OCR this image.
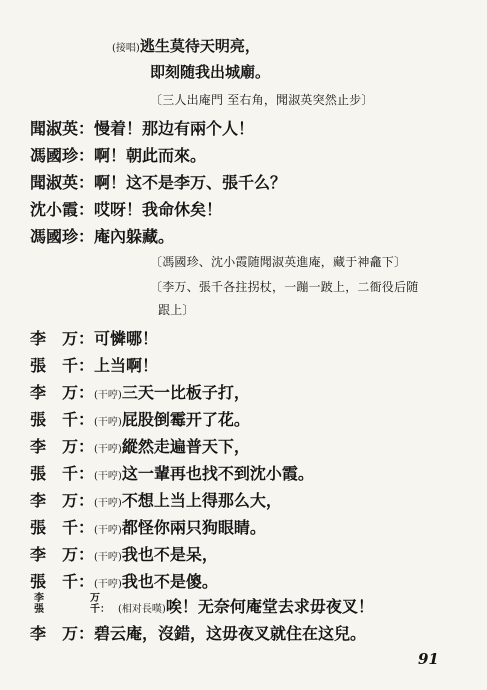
(接唱)逃生莫待天明亮，
即刻随我出城廟。
〔三人出庵門 至右角，聞淑英突然止步〕
聞淑英：慢着！那边有兩个人！
馮國珍：啊！朝此而來。
聞淑英：啊！这不是李万、張千么？
沈小霞：哎呀！我命休矣！
馮國珍：庵內躲藏。
〔馮國珍、沈小霞随聞淑英進庵，藏于神龕下〕
〔李万、張千各拄拐杖，一蹦一跛上，二衙役后随
跟上〕
李　万：可憐哪！
張　千：上当啊！
李　万：(干哼)三天一比板子打，
張　千：(干哼)屁股倒霉开了花。
李　万：(干哼)縱然走遍普天下，
張　千：(干哼)这一輩再也找不到沈小霞。
李　万：(干哼)不想上当上得那么大，
張　千：(干哼)都怪你兩只狗眼睛。
李　万：(干哼)我也不是呆，
張　千：(干哼)我也不是傻。
李
張
万
千： (相对長嘆)唉！无奈何庵堂去求毋夜叉！
李　万：碧云庵，沒錯，这毋夜叉就住在这兒。
91
